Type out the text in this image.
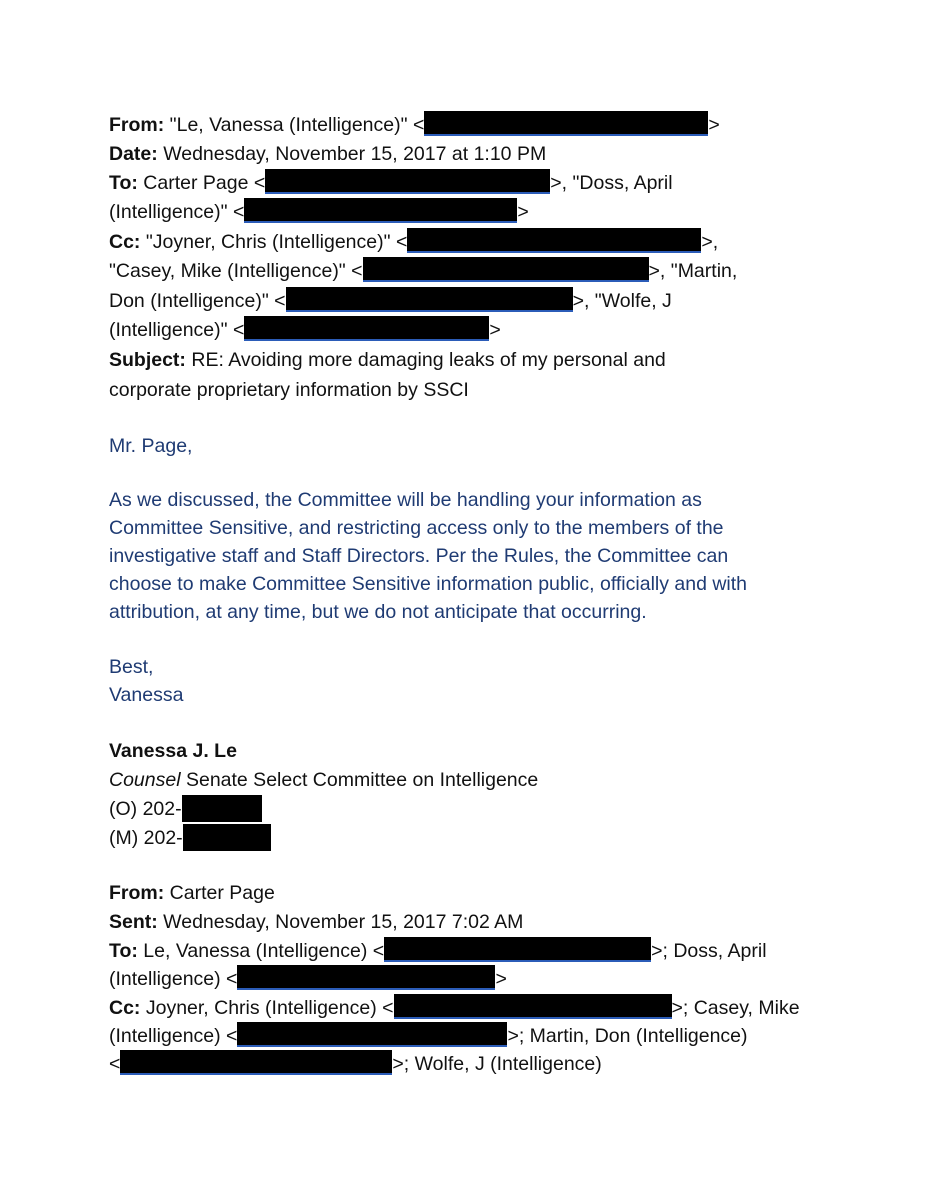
From: "Le, Vanessa (Intelligence)" <	>
Date: Wednesday, November 15, 2017 at 1:10 PM
To: Carter Page <	>, "Doss, April
(Intelligence)" <	>
Cc: "Joyner, Chris (Intelligence)" <	>,
"Casey, Mike (Intelligence)" <	>, "Martin,
Don (Intelligence)" <	>, "Wolfe, J
(Intelligence)" <	>
Subject: RE: Avoiding more damaging leaks of my personal and
corporate proprietary information by SSCI
Mr. Page,
As we discussed, the Committee will be handling your information as
Committee Sensitive, and restricting access only to the members of the
investigative staff and Staff Directors. Per the Rules, the Committee can
choose to make Committee Sensitive information public, officially and with
attribution, at any time, but we do not anticipate that occurring.
Best,
Vanessa
Vanessa J. Le
Counsel Senate Select Committee on Intelligence
(O) 202-
(M) 202-
From: Carter Page
Sent: Wednesday, November 15, 2017 7:02 AM
To: Le, Vanessa (Intelligence) <	>; Doss, April
(Intelligence) <	>
Cc: Joyner, Chris (Intelligence) <	>; Casey, Mike
(Intelligence) <	>; Martin, Don (Intelligence)
<	>; Wolfe, J (Intelligence)
